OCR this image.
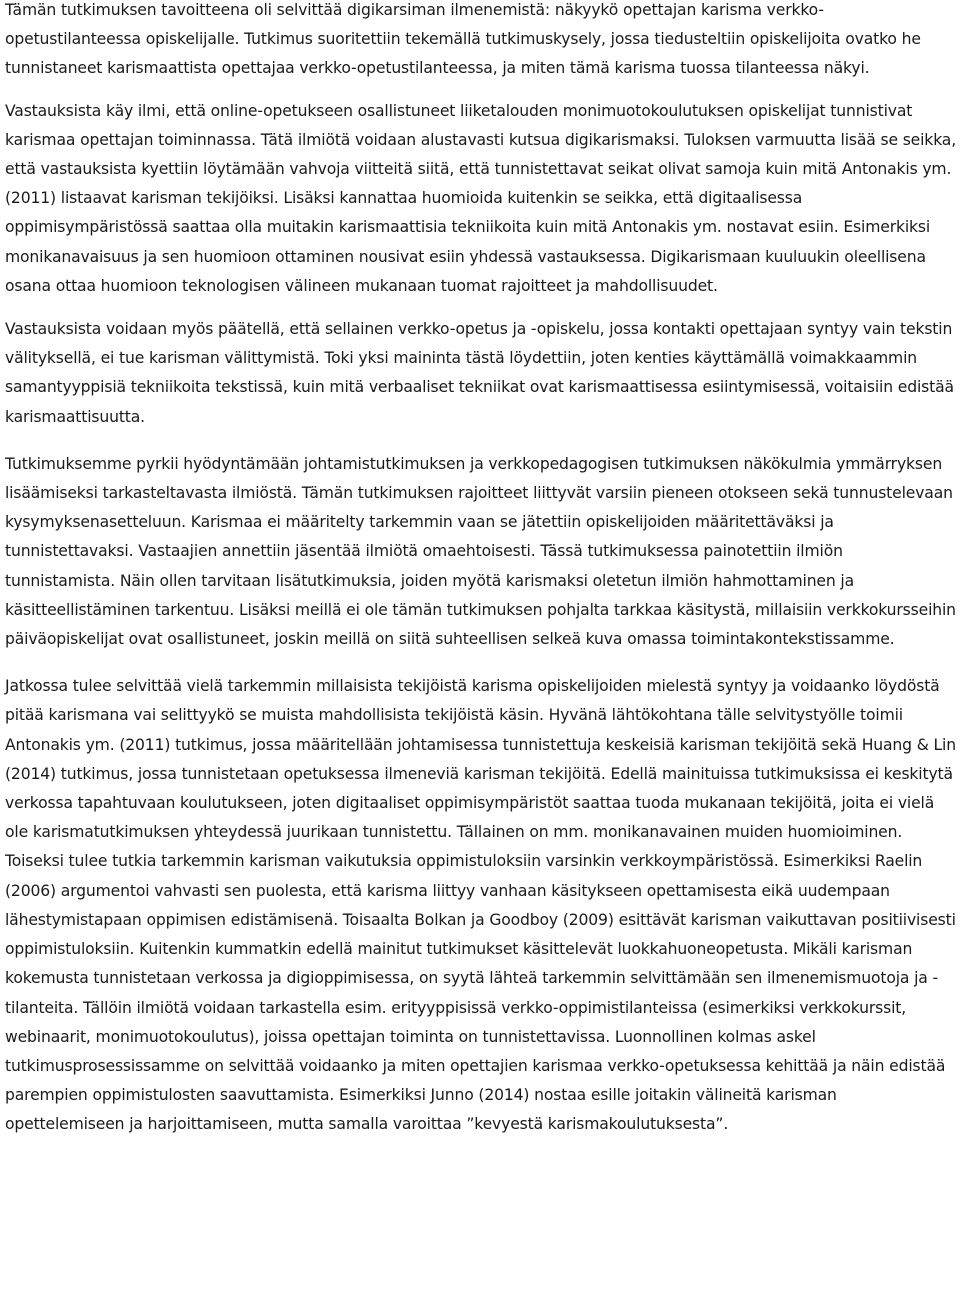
Tämän tutkimuksen tavoitteena oli selvittää digikarsiman ilmenemistä: näkyykö opettajan karisma verkko-opetustilanteessa opiskelijalle. Tutkimus suoritettiin tekemällä tutkimuskysely, jossa tiedusteltiin opiskelijoita ovatko he tunnistaneet karismaattista opettajaa verkko-opetustilanteessa, ja miten tämä karisma tuossa tilanteessa näkyi.

Vastauksista käy ilmi, että online-opetukseen osallistuneet liiketalouden monimuotokoulutuksen opiskelijat tunnistivat karismaa opettajan toiminnassa. Tätä ilmiötä voidaan alustavasti kutsua digikarismaksi. Tuloksen varmuutta lisää se seikka, että vastauksista kyettiin löytämään vahvoja viitteitä siitä, että tunnistettavat seikat olivat samoja kuin mitä Antonakis ym. (2011) listaavat karisman tekijöiksi. Lisäksi kannattaa huomioida kuitenkin se seikka, että digitaalisessa oppimisympäristössä saattaa olla muitakin karismaattisia tekniikoita kuin mitä Antonakis ym. nostavat esiin. Esimerkiksi monikanavaisuus ja sen huomioon ottaminen nousivat esiin yhdessä vastauksessa. Digikarismaan kuuluukin oleellisena osana ottaa huomioon teknologisen välineen mukanaan tuomat rajoitteet ja mahdollisuudet.

Vastauksista voidaan myös päätellä, että sellainen verkko-opetus ja -opiskelu, jossa kontakti opettajaan syntyy vain tekstin välityksellä, ei tue karisman välittymistä. Toki yksi maininta tästä löydettiin, joten kenties käyttämällä voimakkaammin samantyyppisiä tekniikoita tekstissä, kuin mitä verbaaliset tekniikat ovat karismaattisessa esiintymisessä, voitaisiin edistää karismaattisuutta.

Tutkimuksemme pyrkii hyödyntämään johtamistutkimuksen ja verkkopedagogisen tutkimuksen näkökulmia ymmärryksen lisäämiseksi tarkasteltavasta ilmiöstä. Tämän tutkimuksen rajoitteet liittyvät varsiin pieneen otokseen sekä tunnustelevaan kysymyksenasetteluun. Karismaa ei määritelty tarkemmin vaan se jätettiin opiskelijoiden määritettäväksi ja tunnistettavaksi. Vastaajien annettiin jäsentää ilmiötä omaehtoisesti. Tässä tutkimuksessa painotettiin ilmiön tunnistamista. Näin ollen tarvitaan lisätutkimuksia, joiden myötä karismaksi oletetun ilmiön hahmottaminen ja käsitteellistäminen tarkentuu. Lisäksi meillä ei ole tämän tutkimuksen pohjalta tarkkaa käsitystä, millaisiin verkkokursseihin päiväopiskelijat ovat osallistuneet, joskin meillä on siitä suhteellisen selkeä kuva omassa toimintakontekstissamme.

Jatkossa tulee selvittää vielä tarkemmin millaisista tekijöistä karisma opiskelijoiden mielestä syntyy ja voidaanko löydöstä pitää karismana vai selittyykö se muista mahdollisista tekijöistä käsin. Hyvänä lähtökohtana tälle selvitystyölle toimii Antonakis ym. (2011) tutkimus, jossa määritellään johtamisessa tunnistettuja keskeisiä karisman tekijöitä sekä Huang & Lin (2014) tutkimus, jossa tunnistetaan opetuksessa ilmeneviä karisman tekijöitä. Edellä mainituissa tutkimuksissa ei keskitytä verkossa tapahtuvaan koulutukseen, joten digitaaliset oppimisympäristöt saattaa tuoda mukanaan tekijöitä, joita ei vielä ole karismatutkimuksen yhteydessä juurikaan tunnistettu. Tällainen on mm. monikanavainen muiden huomioiminen. Toiseksi tulee tutkia tarkemmin karisman vaikutuksia oppimistuloksiin varsinkin verkkoympäristössä. Esimerkiksi Raelin (2006) argumentoi vahvasti sen puolesta, että karisma liittyy vanhaan käsitykseen opettamisesta eikä uudempaan lähestymistapaan oppimisen edistämisenä. Toisaalta Bolkan ja Goodboy (2009) esittävät karisman vaikuttavan positiivisesti oppimistuloksiin. Kuitenkin kummatkin edellä mainitut tutkimukset käsittelevät luokkahuoneopetusta. Mikäli karisman kokemusta tunnistetaan verkossa ja digioppimisessa, on syytä lähteä tarkemmin selvittämään sen ilmenemismuotoja ja -tilanteita. Tällöin ilmiötä voidaan tarkastella esim. erityyppisissä verkko-oppimistilanteissa (esimerkiksi verkkokurssit, webinaarit, monimuotokoulutus), joissa opettajan toiminta on tunnistettavissa. Luonnollinen kolmas askel tutkimusprosessissamme on selvittää voidaanko ja miten opettajien karismaa verkko-opetuksessa kehittää ja näin edistää parempien oppimistulosten saavuttamista. Esimerkiksi Junno (2014) nostaa esille joitakin välineitä karisman opettelemiseen ja harjoittamiseen, mutta samalla varoittaa ”kevyestä karismakoulutuksesta”.
